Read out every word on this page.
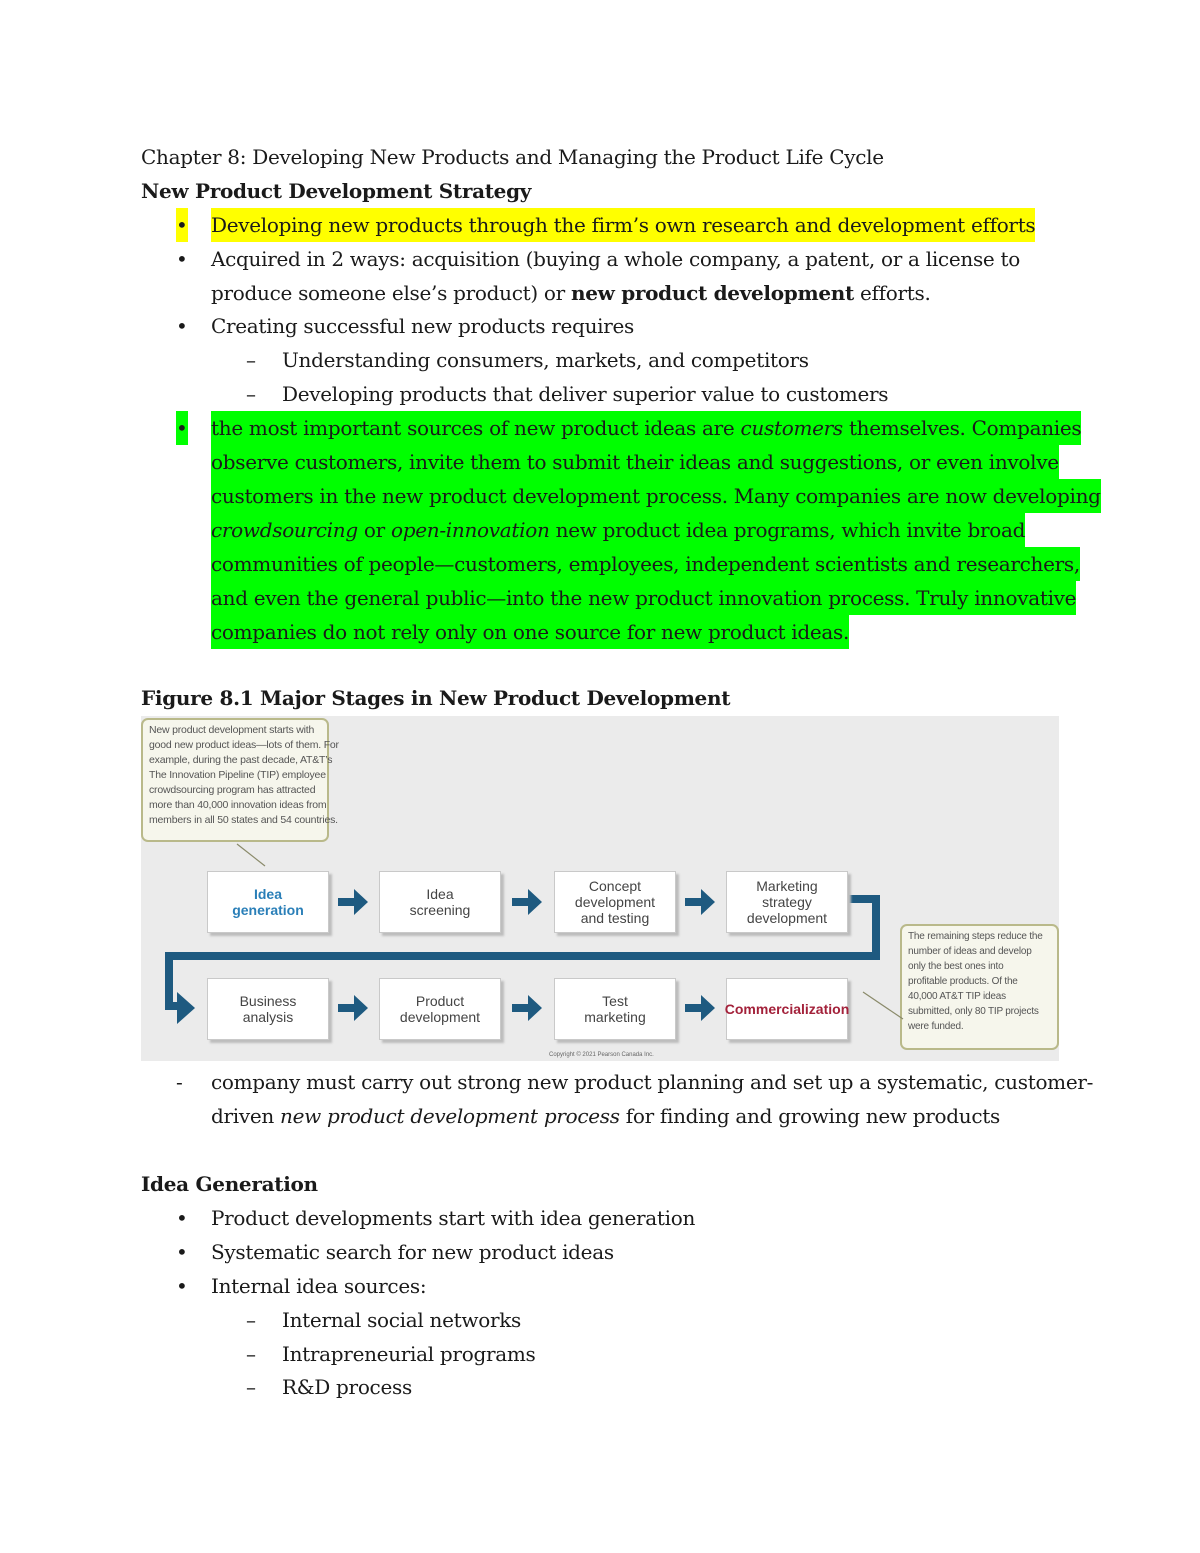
Chapter 8: Developing New Products and Managing the Product Life Cycle
New Product Development Strategy
• Developing new products through the firm’s own research and development efforts
• Acquired in 2 ways: acquisition (buying a whole company, a patent, or a license to
produce someone else’s product) or new product development efforts.
• Creating successful new products requires
– Understanding consumers, markets, and competitors
– Developing products that deliver superior value to customers
• the most important sources of new product ideas are customers themselves. Companies
observe customers, invite them to submit their ideas and suggestions, or even involve
customers in the new product development process. Many companies are now developing
crowdsourcing or open-innovation new product idea programs, which invite broad
communities of people—customers, employees, independent scientists and researchers,
and even the general public—into the new product innovation process. Truly innovative
companies do not rely only on one source for new product ideas.
Figure 8.1 Major Stages in New Product Development
New product development starts with
good new product ideas—lots of them. For
example, during the past decade, AT&T’s
The Innovation Pipeline (TIP) employee
crowdsourcing program has attracted
more than 40,000 innovation ideas from
members in all 50 states and 54 countries.
The remaining steps reduce the
number of ideas and develop
only the best ones into
profitable products. Of the
40,000 AT&T TIP ideas
submitted, only 80 TIP projects
were funded.
Idea
generation
Idea
screening
Concept
development
and testing
Marketing
strategy
development
Business
analysis
Product
development
Test
marketing	Commercialization
Copyright © 2021 Pearson Canada Inc.
- company must carry out strong new product planning and set up a systematic, customer-
driven new product development process for finding and growing new products
Idea Generation
• Product developments start with idea generation
• Systematic search for new product ideas
• Internal idea sources:
– Internal social networks
– Intrapreneurial programs
– R&D process
